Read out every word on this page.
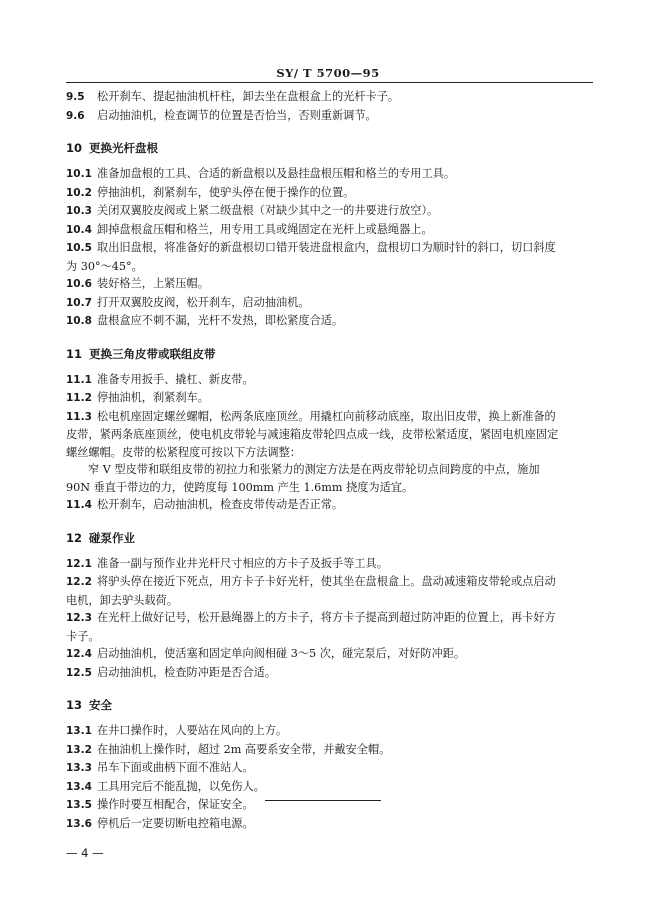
SY/ T 5700—95

9.5 松开刹车、提起抽油机杆柱，卸去坐在盘根盒上的光杆卡子。

9.6 启动抽油机，检查调节的位置是否恰当，否则重新调节。

10 更换光杆盘根

10.1 准备加盘根的工具、合适的新盘根以及悬挂盘根压帽和格兰的专用工具。

10.2 停抽油机，刹紧刹车，使驴头停在便于操作的位置。

10.3 关闭双翼胶皮阀或上紧二级盘根（对缺少其中之一的井要进行放空）。

10.4 卸掉盘根盒压帽和格兰，用专用工具或绳固定在光杆上或悬绳器上。

10.5 取出旧盘根，将准备好的新盘根切口错开装进盘根盒内，盘根切口为顺时针的斜口，切口斜度
为 30°～45°。

10.6 装好格兰，上紧压帽。

10.7 打开双翼胶皮阀，松开刹车，启动抽油机。

10.8 盘根盒应不刺不漏，光杆不发热，即松紧度合适。

11 更换三角皮带或联组皮带

11.1 准备专用扳手、撬杠、新皮带。

11.2 停抽油机，刹紧刹车。

11.3 松电机座固定螺丝螺帽，松两条底座顶丝。用撬杠向前移动底座，取出旧皮带，换上新准备的
皮带，紧两条底座顶丝，使电机皮带轮与减速箱皮带轮四点成一线，皮带松紧适度，紧固电机座固定
螺丝螺帽。皮带的松紧程度可按以下方法调整：

窄 V 型皮带和联组皮带的初拉力和张紧力的测定方法是在两皮带轮切点间跨度的中点，施加
90N 垂直于带边的力，使跨度每 100mm 产生 1.6mm 挠度为适宜。

11.4 松开刹车，启动抽油机，检查皮带传动是否正常。

12 碰泵作业

12.1 准备一副与预作业井光杆尺寸相应的方卡子及扳手等工具。

12.2 将驴头停在接近下死点，用方卡子卡好光杆，使其坐在盘根盒上。盘动减速箱皮带轮或点启动
电机，卸去驴头载荷。

12.3 在光杆上做好记号，松开悬绳器上的方卡子，将方卡子提高到超过防冲距的位置上，再卡好方
卡子。

12.4 启动抽油机，使活塞和固定单向阀相碰 3～5 次，碰完泵后，对好防冲距。

12.5 启动抽油机，检查防冲距是否合适。

13 安全

13.1 在井口操作时，人要站在风向的上方。

13.2 在抽油机上操作时，超过 2m 高要系安全带，并戴安全帽。

13.3 吊车下面或曲柄下面不准站人。

13.4 工具用完后不能乱抛，以免伤人。

13.5 操作时要互相配合，保证安全。

13.6 停机后一定要切断电控箱电源。

— 4 —
